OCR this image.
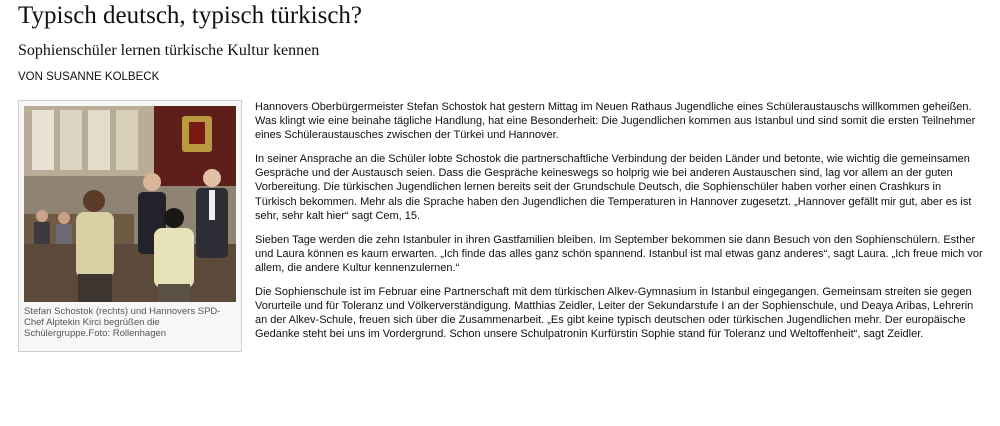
Typisch deutsch, typisch türkisch?
Sophienschüler lernen türkische Kultur kennen
VON SUSANNE KOLBECK
Stefan Schostok (rechts) und Hannovers SPD-Chef Alptekin Kirci begrüßen die Schülergruppe.Foto: Rollenhagen

Hannovers Oberbürgermeister Stefan Schostok hat gestern Mittag im Neuen Rathaus Jugendliche eines Schüleraustauschs willkommen geheißen. Was klingt wie eine beinahe tägliche Handlung, hat eine Besonderheit: Die Jugendlichen kommen aus Istanbul und sind somit die ersten Teilnehmer eines Schüleraustausches zwischen der Türkei und Hannover.

In seiner Ansprache an die Schüler lobte Schostok die partnerschaftliche Verbindung der beiden Länder und betonte, wie wichtig die gemeinsamen Gespräche und der Austausch seien. Dass die Gespräche keineswegs so holprig wie bei anderen Austauschen sind, lag vor allem an der guten Vorbereitung. Die türkischen Jugendlichen lernen bereits seit der Grundschule Deutsch, die Sophienschüler haben vorher einen Crashkurs in Türkisch bekommen. Mehr als die Sprache haben den Jugendlichen die Temperaturen in Hannover zugesetzt. „Hannover gefällt mir gut, aber es ist sehr, sehr kalt hier“ sagt Cem, 15.

Sieben Tage werden die zehn Istanbuler in ihren Gastfamilien bleiben. Im September bekommen sie dann Besuch von den Sophienschülern. Esther und Laura können es kaum erwarten. „Ich finde das alles ganz schön spannend. Istanbul ist mal etwas ganz anderes“, sagt Laura. „Ich freue mich vor allem, die andere Kultur kennenzulernen.“

Die Sophienschule ist im Februar eine Partnerschaft mit dem türkischen Alkev-Gymnasium in Istanbul eingegangen. Gemeinsam streiten sie gegen Vorurteile und für Toleranz und Völkerverständigung. Matthias Zeidler, Leiter der Sekundarstufe I an der Sophienschule, und Deaya Aribas, Lehrerin an der Alkev-Schule, freuen sich über die Zusammenarbeit. „Es gibt keine typisch deutschen oder türkischen Jugendlichen mehr. Der europäische Gedanke steht bei uns im Vordergrund. Schon unsere Schulpatronin Kurfürstin Sophie stand für Toleranz und Weltoffenheit“, sagt Zeidler.
